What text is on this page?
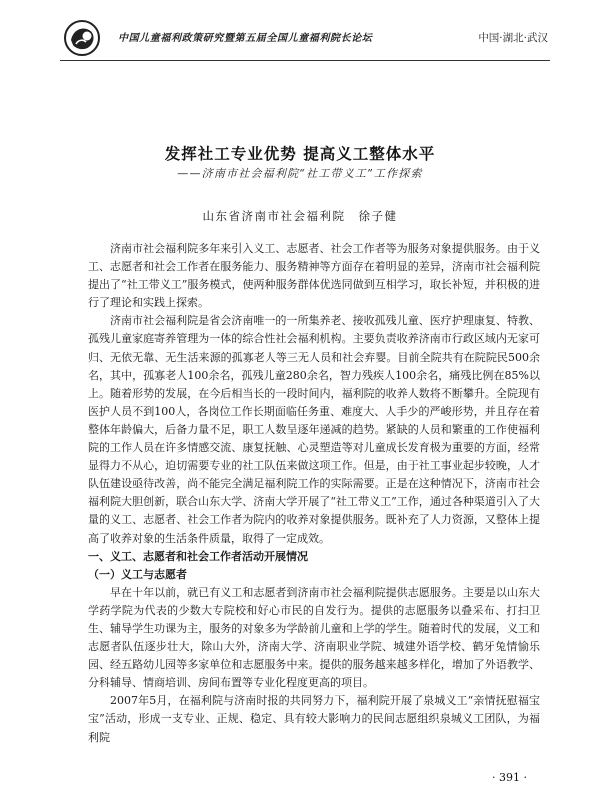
中国儿童福利政策研究暨第五届全国儿童福利院长论坛	中国·湖北·武汉
发挥社工专业优势 提高义工整体水平
——济南市社会福利院“社工带义工”工作探索
山东省济南市社会福利院　徐子健

济南市社会福利院多年来引入义工、志愿者、社会工作者等为服务对象提供服务。由于义工、志愿者和社会工作者在服务能力、服务精神等方面存在着明显的差异，济南市社会福利院提出了“社工带义工”服务模式，使两种服务群体优选同做到互相学习，取长补短，并积极的进行了理论和实践上探索。

济南市社会福利院是省会济南唯一的一所集养老、接收孤残儿童、医疗护理康复、特教、孤残儿童家庭寄养管理为一体的综合性社会福利机构。主要负责收养济南市行政区域内无家可归、无依无靠、无生活来源的孤寡老人等三无人员和社会弃婴。目前全院共有在院院民500余名，其中，孤寡老人100余名，孤残儿童280余名，智力残疾人100余名，痛残比例在85%以上。随着形势的发展，在今后相当长的一段时间内，福利院的收养人数将不断攀升。全院现有医护人员不到100人，各岗位工作长期面临任务重、难度大、人手少的严峻形势，并且存在着整体年龄偏大，后备力量不足，职工人数呈逐年递减的趋势。紧缺的人员和繁重的工作使福利院的工作人员在许多情感交流、康复抚触、心灵塑造等对儿童成长发育极为重要的方面，经常显得力不从心，迫切需要专业的社工队伍来做这项工作。但是，由于社工事业起步较晚，人才队伍建设亟待改善，尚不能完全满足福利院工作的实际需要。正是在这种情况下，济南市社会福利院大胆创新，联合山东大学、济南大学开展了“社工带义工”工作，通过各种渠道引入了大量的义工、志愿者、社会工作者为院内的收养对象提供服务。既补充了人力资源，又整体上提高了收养对象的生活条件质量，取得了一定成效。

一、义工、志愿者和社会工作者活动开展情况

（一）义工与志愿者

早在十年以前，就已有义工和志愿者到济南市社会福利院提供志愿服务。主要是以山东大学药学院为代表的少数大专院校和好心市民的自发行为。提供的志愿服务以叠采布、打扫卫生、辅导学生功课为主，服务的对象多为学龄前儿童和上学的学生。随着时代的发展，义工和志愿者队伍逐步壮大，除山大外，济南大学、济南职业学院、城建外语学校、鹤牙兔情愉乐园、经五路幼儿园等多家单位和志愿服务中来。提供的服务越来越多样化，增加了外语教学、分科辅导、情商培训、房间布置等专业化程度更高的项目。

2007年5月，在福利院与济南时报的共同努力下，福利院开展了泉城义工“亲情抚慰福宝宝”活动，形成一支专业、正规、稳定、具有较大影响力的民间志愿组织泉城义工团队，为福利院

· 391 ·
